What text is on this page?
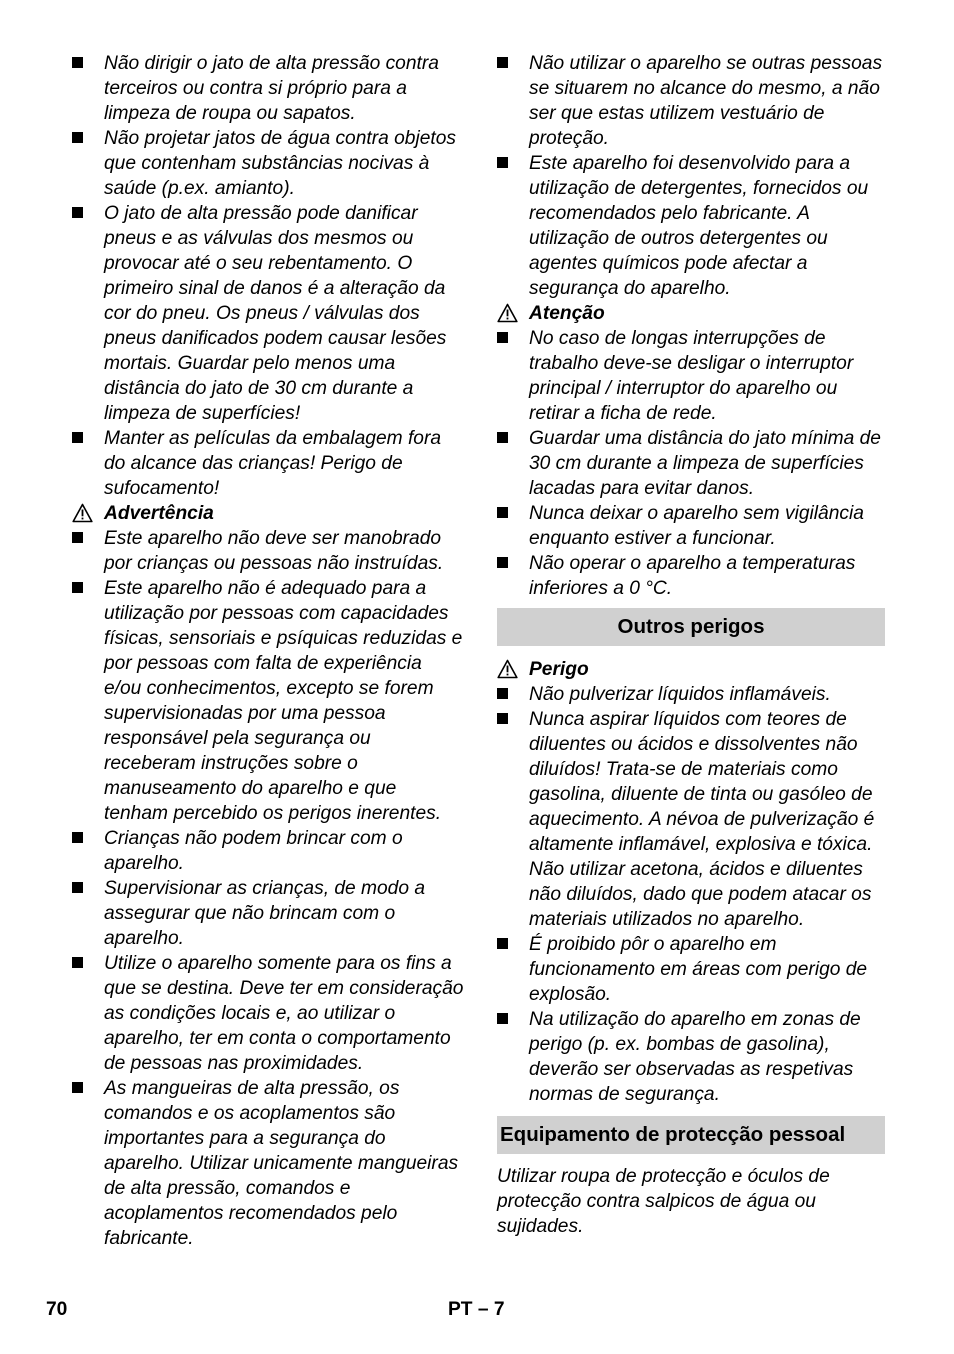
Não dirigir o jato de alta pressão contra terceiros ou contra si próprio para a limpeza de roupa ou sapatos.
Não projetar jatos de água contra objetos que contenham substâncias nocivas à saúde (p.ex. amianto).
O jato de alta pressão pode danificar pneus e as válvulas dos mesmos ou provocar até o seu rebentamento. O primeiro sinal de danos é a alteração da cor do pneu. Os pneus / válvulas dos pneus danificados podem causar lesões mortais. Guardar pelo menos uma distância do jato de 30 cm durante a limpeza de superfícies!
Manter as películas da embalagem fora do alcance das crianças! Perigo de sufocamento!
Advertência
Este aparelho não deve ser manobrado por crianças ou pessoas não instruídas.
Este aparelho não é adequado para a utilização por pessoas com capacidades físicas, sensoriais e psíquicas reduzidas e por pessoas com falta de experiência e/ou conhecimentos, excepto se forem supervisionadas por uma pessoa responsável pela segurança ou receberam instruções sobre o manuseamento do aparelho e que tenham percebido os perigos inerentes.
Crianças não podem brincar com o aparelho.
Supervisionar as crianças, de modo a assegurar que não brincam com o aparelho.
Utilize o aparelho somente para os fins a que se destina. Deve ter em consideração as condições locais e, ao utilizar o aparelho, ter em conta o comportamento de pessoas nas proximidades.
As mangueiras de alta pressão, os comandos e os acoplamentos são importantes para a segurança do aparelho. Utilizar unicamente mangueiras de alta pressão, comandos e acoplamentos recomendados pelo fabricante.
Não utilizar o aparelho se outras pessoas se situarem no alcance do mesmo, a não ser que estas utilizem vestuário de proteção.
Este aparelho foi desenvolvido para a utilização de detergentes, fornecidos ou recomendados pelo fabricante. A utilização de outros detergentes ou agentes químicos pode afectar a segurança do aparelho.
Atenção
No caso de longas interrupções de trabalho deve-se desligar o interruptor principal / interruptor do aparelho ou retirar a ficha de rede.
Guardar uma distância do jato mínima de 30 cm durante a limpeza de superfícies lacadas para evitar danos.
Nunca deixar o aparelho sem vigilância enquanto estiver a funcionar.
Não operar o aparelho a temperaturas inferiores a 0 °C.
Outros perigos
Perigo
Não pulverizar líquidos inflamáveis.
Nunca aspirar líquidos com teores de diluentes ou ácidos e dissolventes não diluídos! Trata-se de materiais como gasolina, diluente de tinta ou gasóleo de aquecimento. A névoa de pulverização é altamente inflamável, explosiva e tóxica. Não utilizar acetona, ácidos e diluentes não diluídos, dado que podem atacar os materiais utilizados no aparelho.
É proibido pôr o aparelho em funcionamento em áreas com perigo de explosão.
Na utilização do aparelho em zonas de perigo (p. ex. bombas de gasolina), deverão ser observadas as respetivas normas de segurança.
Equipamento de protecção pessoal
Utilizar roupa de protecção e óculos de protecção contra salpicos de água ou sujidades.
70	PT – 7
